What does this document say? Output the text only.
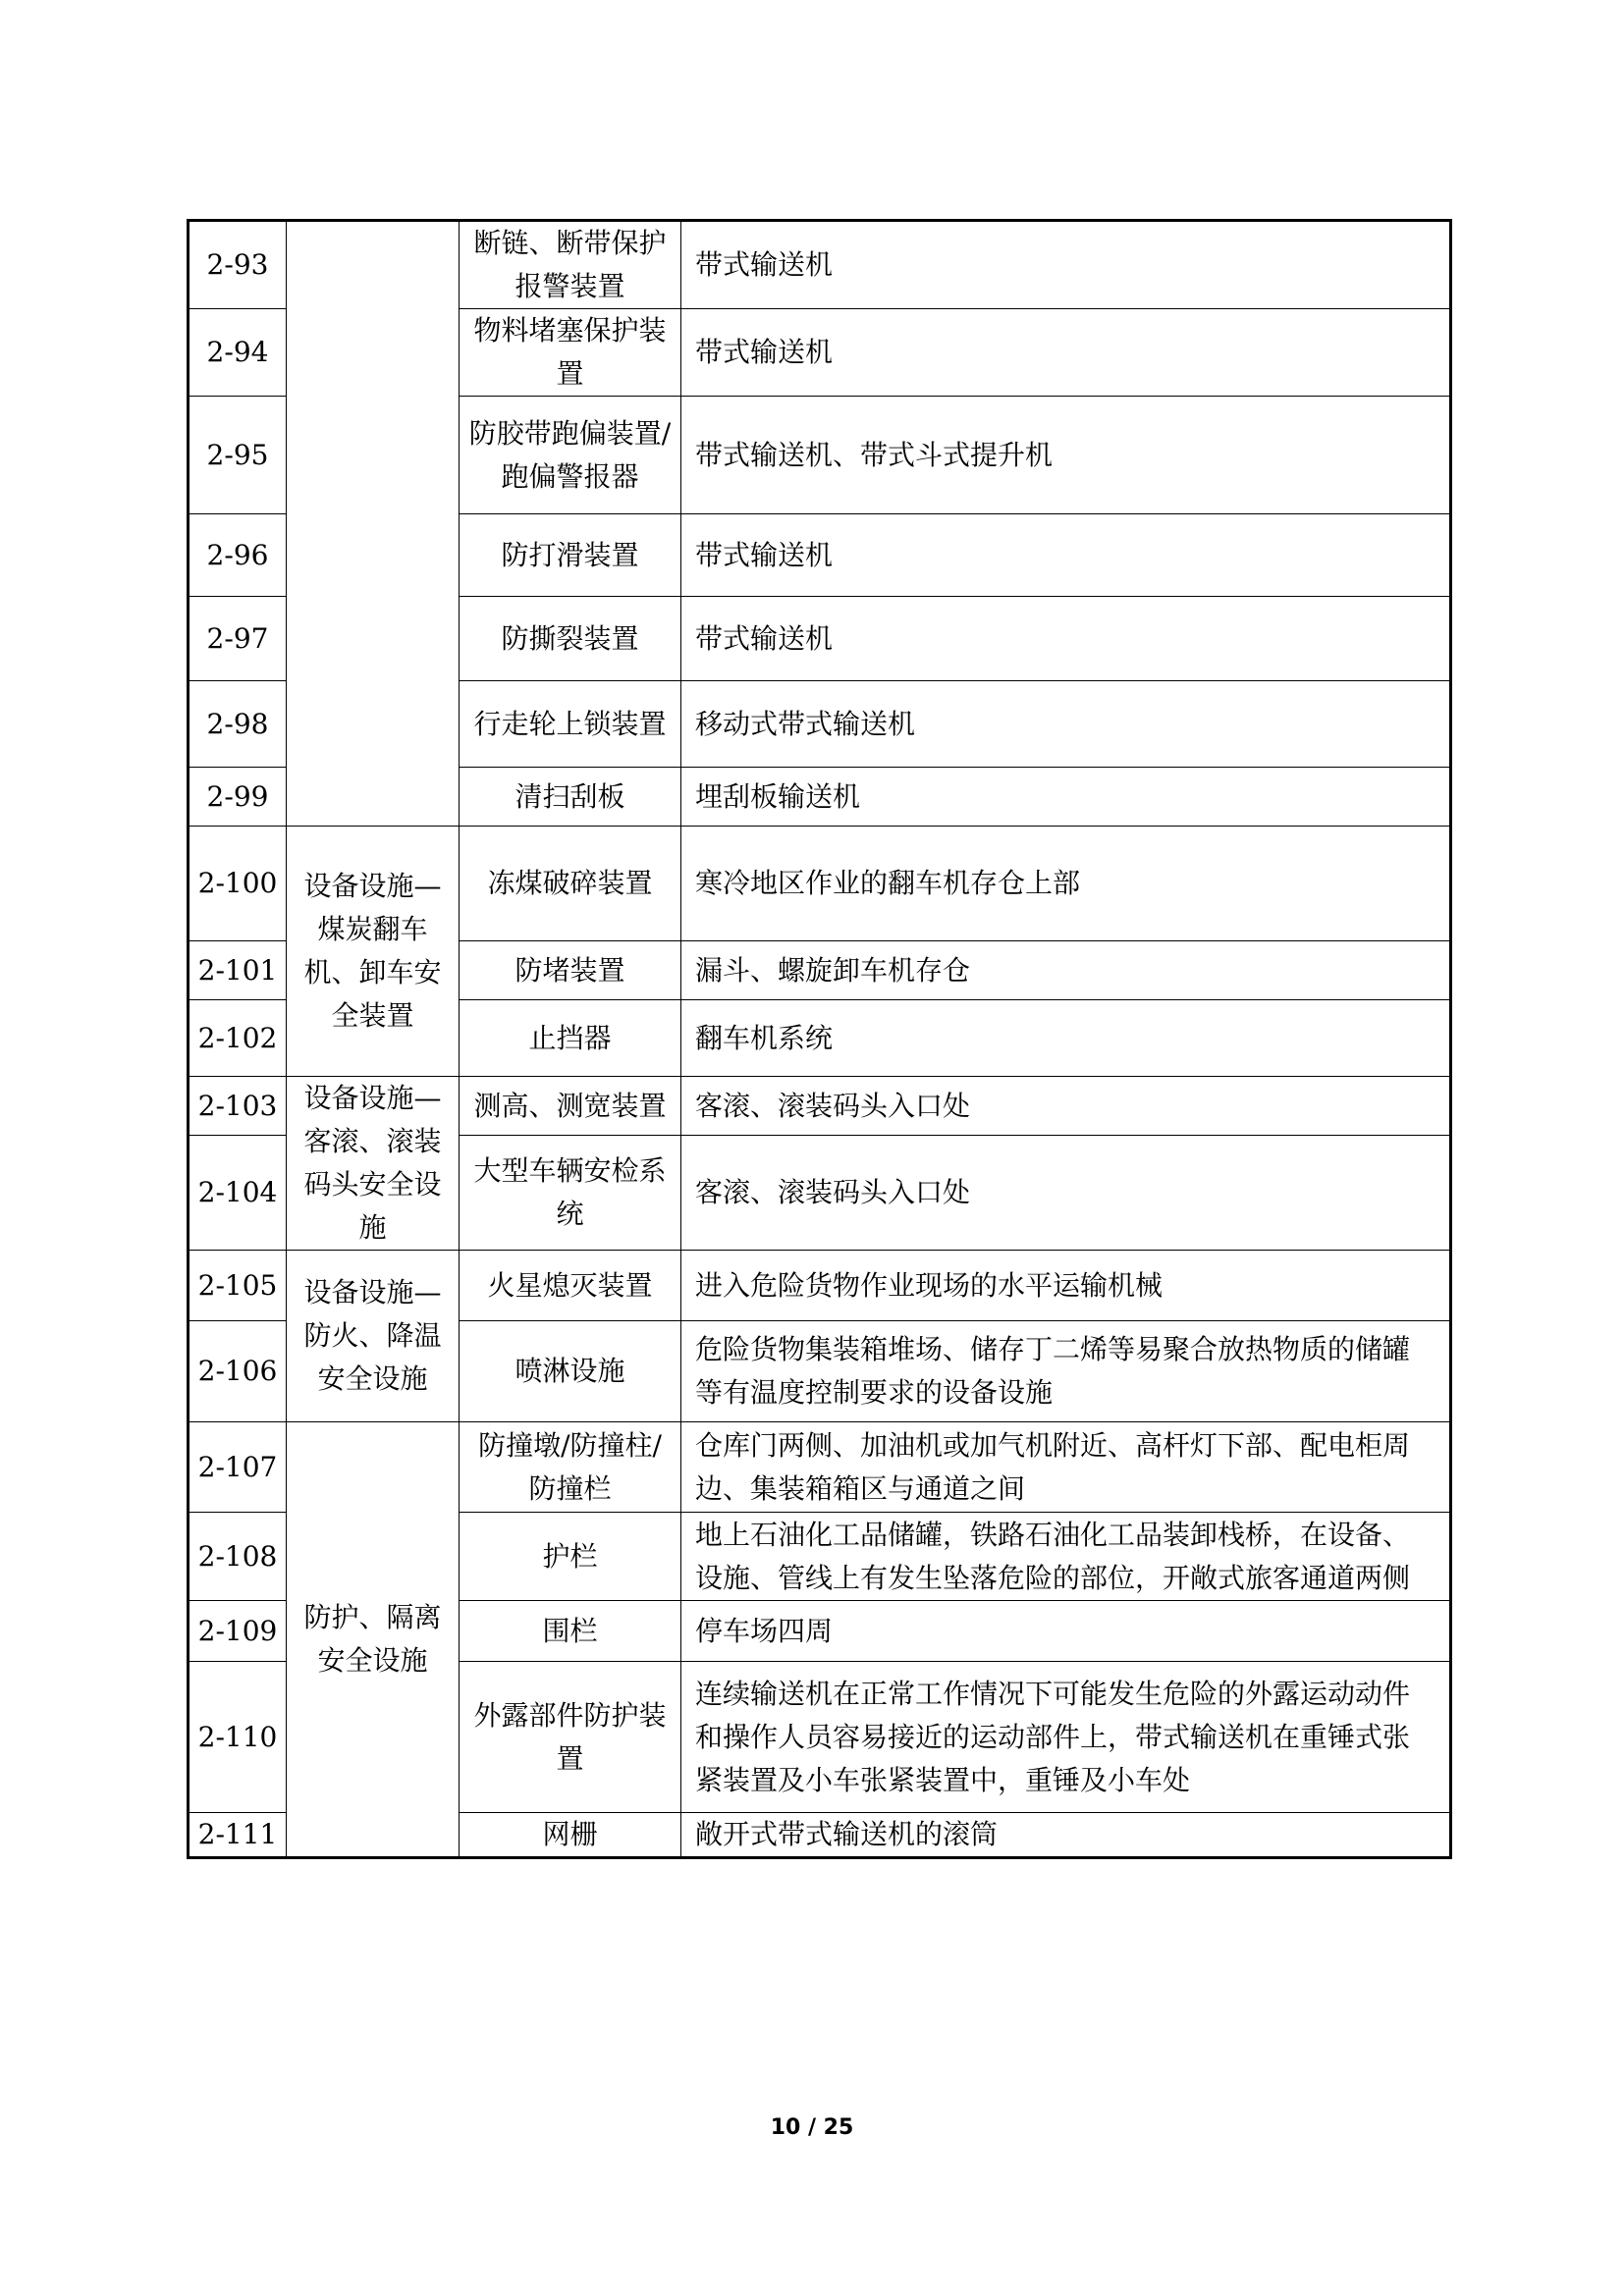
2-93		断链、断带保护报警装置	带式输送机
2-94		物料堵塞保护装置	带式输送机
2-95		防胶带跑偏装置/跑偏警报器	带式输送机、带式斗式提升机
2-96		防打滑装置	带式输送机
2-97		防撕裂装置	带式输送机
2-98		行走轮上锁装置	移动式带式输送机
2-99		清扫刮板	埋刮板输送机
2-100	设备设施—煤炭翻车机、卸车安全装置	冻煤破碎装置	寒冷地区作业的翻车机存仓上部
2-101		防堵装置	漏斗、螺旋卸车机存仓
2-102		止挡器	翻车机系统
2-103	设备设施—客滚、滚装码头安全设施	测高、测宽装置	客滚、滚装码头入口处
2-104		大型车辆安检系统	客滚、滚装码头入口处
2-105	设备设施—防火、降温安全设施	火星熄灭装置	进入危险货物作业现场的水平运输机械
2-106		喷淋设施	危险货物集装箱堆场、储存丁二烯等易聚合放热物质的储罐等有温度控制要求的设备设施
2-107	防护、隔离安全设施	防撞墩/防撞柱/防撞栏	仓库门两侧、加油机或加气机附近、高杆灯下部、配电柜周边、集装箱箱区与通道之间
2-108		护栏	地上石油化工品储罐，铁路石油化工品装卸栈桥，在设备、设施、管线上有发生坠落危险的部位，开敞式旅客通道两侧
2-109		围栏	停车场四周
2-110		外露部件防护装置	连续输送机在正常工作情况下可能发生危险的外露运动动件和操作人员容易接近的运动部件上，带式输送机在重锤式张紧装置及小车张紧装置中，重锤及小车处
2-111		网栅	敞开式带式输送机的滚筒
10 / 25
